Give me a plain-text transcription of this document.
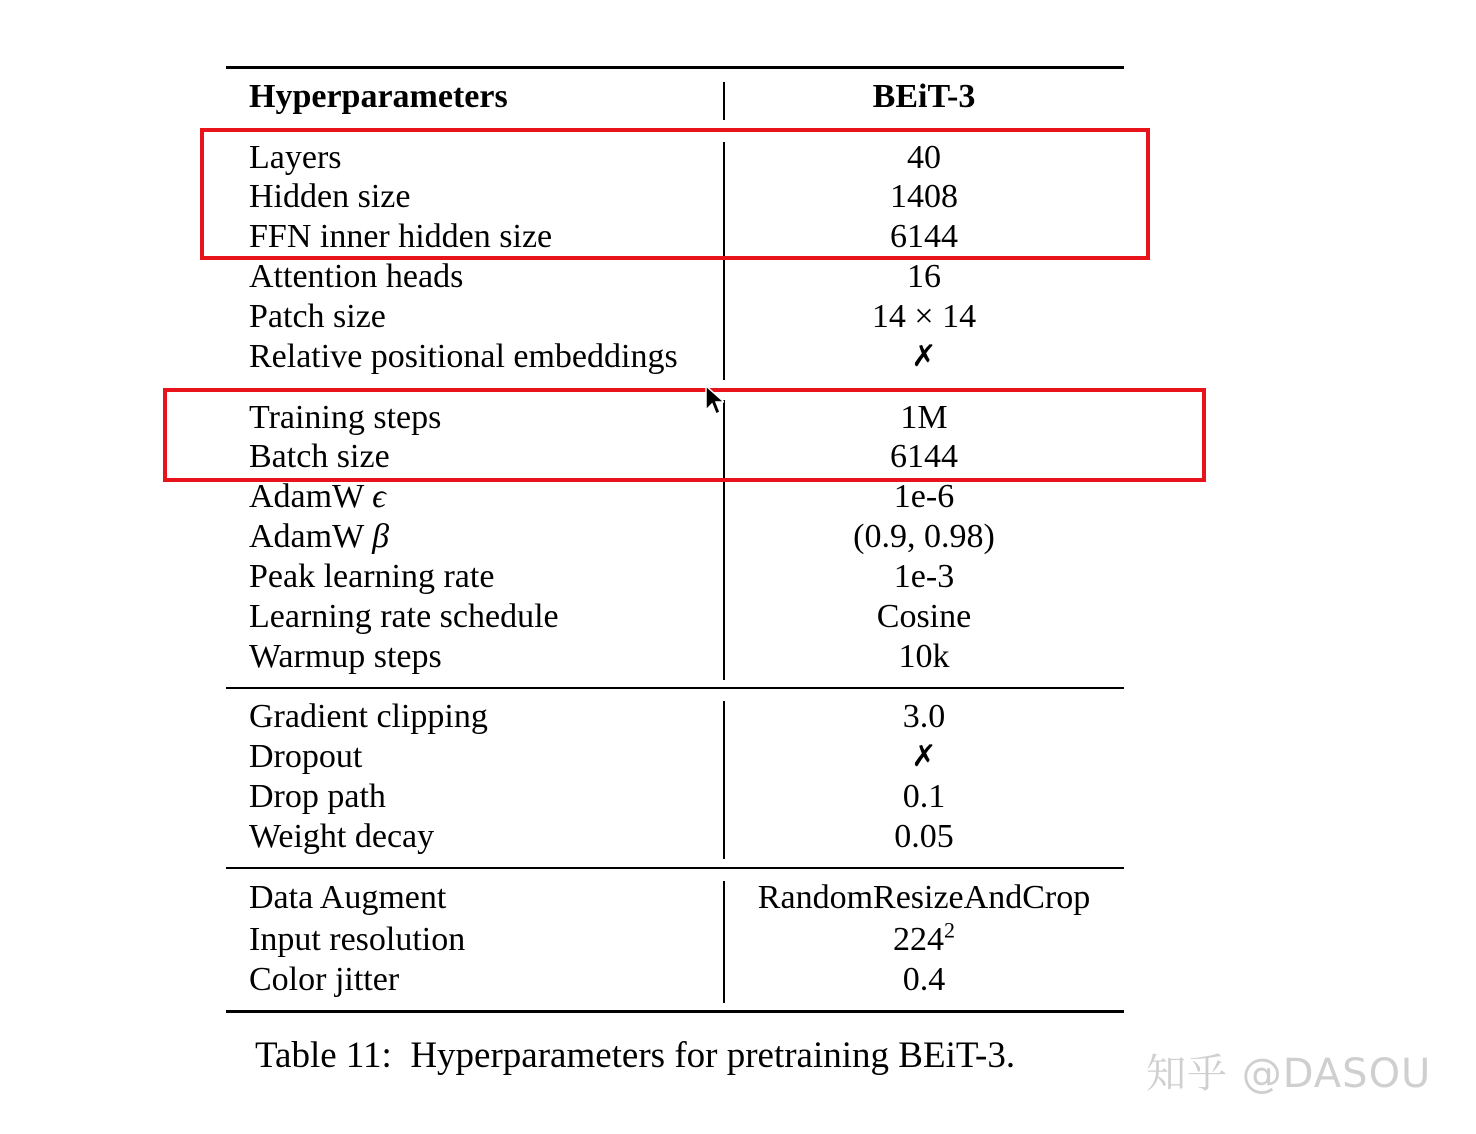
Hyperparameters	BEiT-3
Layers	40
Hidden size	1408
FFN inner hidden size	6144
Attention heads	16
Patch size	14 × 14
Relative positional embeddings	✗
Training steps	1M
Batch size	6144
AdamW ϵ	1e-6
AdamW β	(0.9, 0.98)
Peak learning rate	1e-3
Learning rate schedule	Cosine
Warmup steps	10k
Gradient clipping	3.0
Dropout	✗
Drop path	0.1
Weight decay	0.05
Data Augment	RandomResizeAndCrop
Input resolution	$224^2$
Color jitter	0.4
Table 11: Hyperparameters for pretraining BEiT-3.	知乎 @DASOU
